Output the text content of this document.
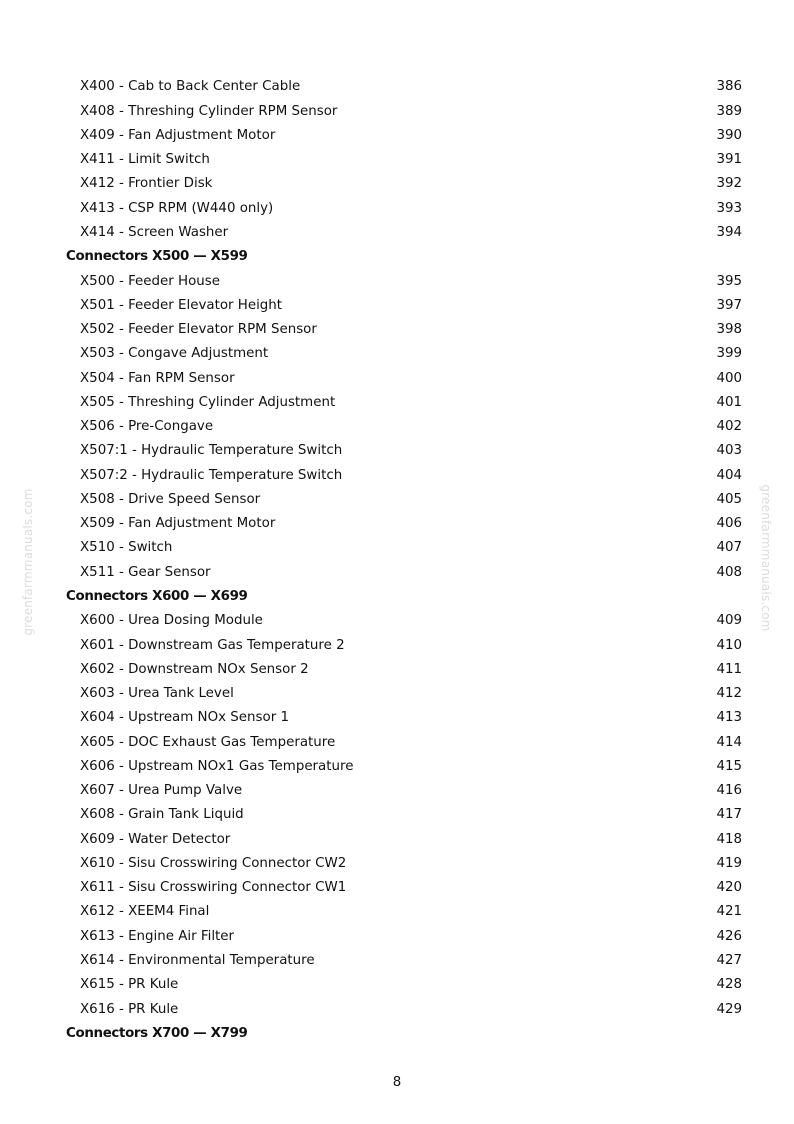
greenfarmmanuals.com	greenfarmmanuals.com
X400 - Cab to Back Center Cable	386
X408 - Threshing Cylinder RPM Sensor	389
X409 - Fan Adjustment Motor	390
X411 - Limit Switch	391
X412 - Frontier Disk	392
X413 - CSP RPM (W440 only)	393
X414 - Screen Washer	394
Connectors X500 — X599
X500 - Feeder House	395
X501 - Feeder Elevator Height	397
X502 - Feeder Elevator RPM Sensor	398
X503 - Congave Adjustment	399
X504 - Fan RPM Sensor	400
X505 - Threshing Cylinder Adjustment	401
X506 - Pre-Congave	402
X507:1 - Hydraulic Temperature Switch	403
X507:2 - Hydraulic Temperature Switch	404
X508 - Drive Speed Sensor	405
X509 - Fan Adjustment Motor	406
X510 - Switch	407
X511 - Gear Sensor	408
Connectors X600 — X699
X600 - Urea Dosing Module	409
X601 - Downstream Gas Temperature 2	410
X602 - Downstream NOx Sensor 2	411
X603 - Urea Tank Level	412
X604 - Upstream NOx Sensor 1	413
X605 - DOC Exhaust Gas Temperature	414
X606 - Upstream NOx1 Gas Temperature	415
X607 - Urea Pump Valve	416
X608 - Grain Tank Liquid	417
X609 - Water Detector	418
X610 - Sisu Crosswiring Connector CW2	419
X611 - Sisu Crosswiring Connector CW1	420
X612 - XEEM4 Final	421
X613 - Engine Air Filter	426
X614 - Environmental Temperature	427
X615 - PR Kule	428
X616 - PR Kule	429
Connectors X700 — X799
8
